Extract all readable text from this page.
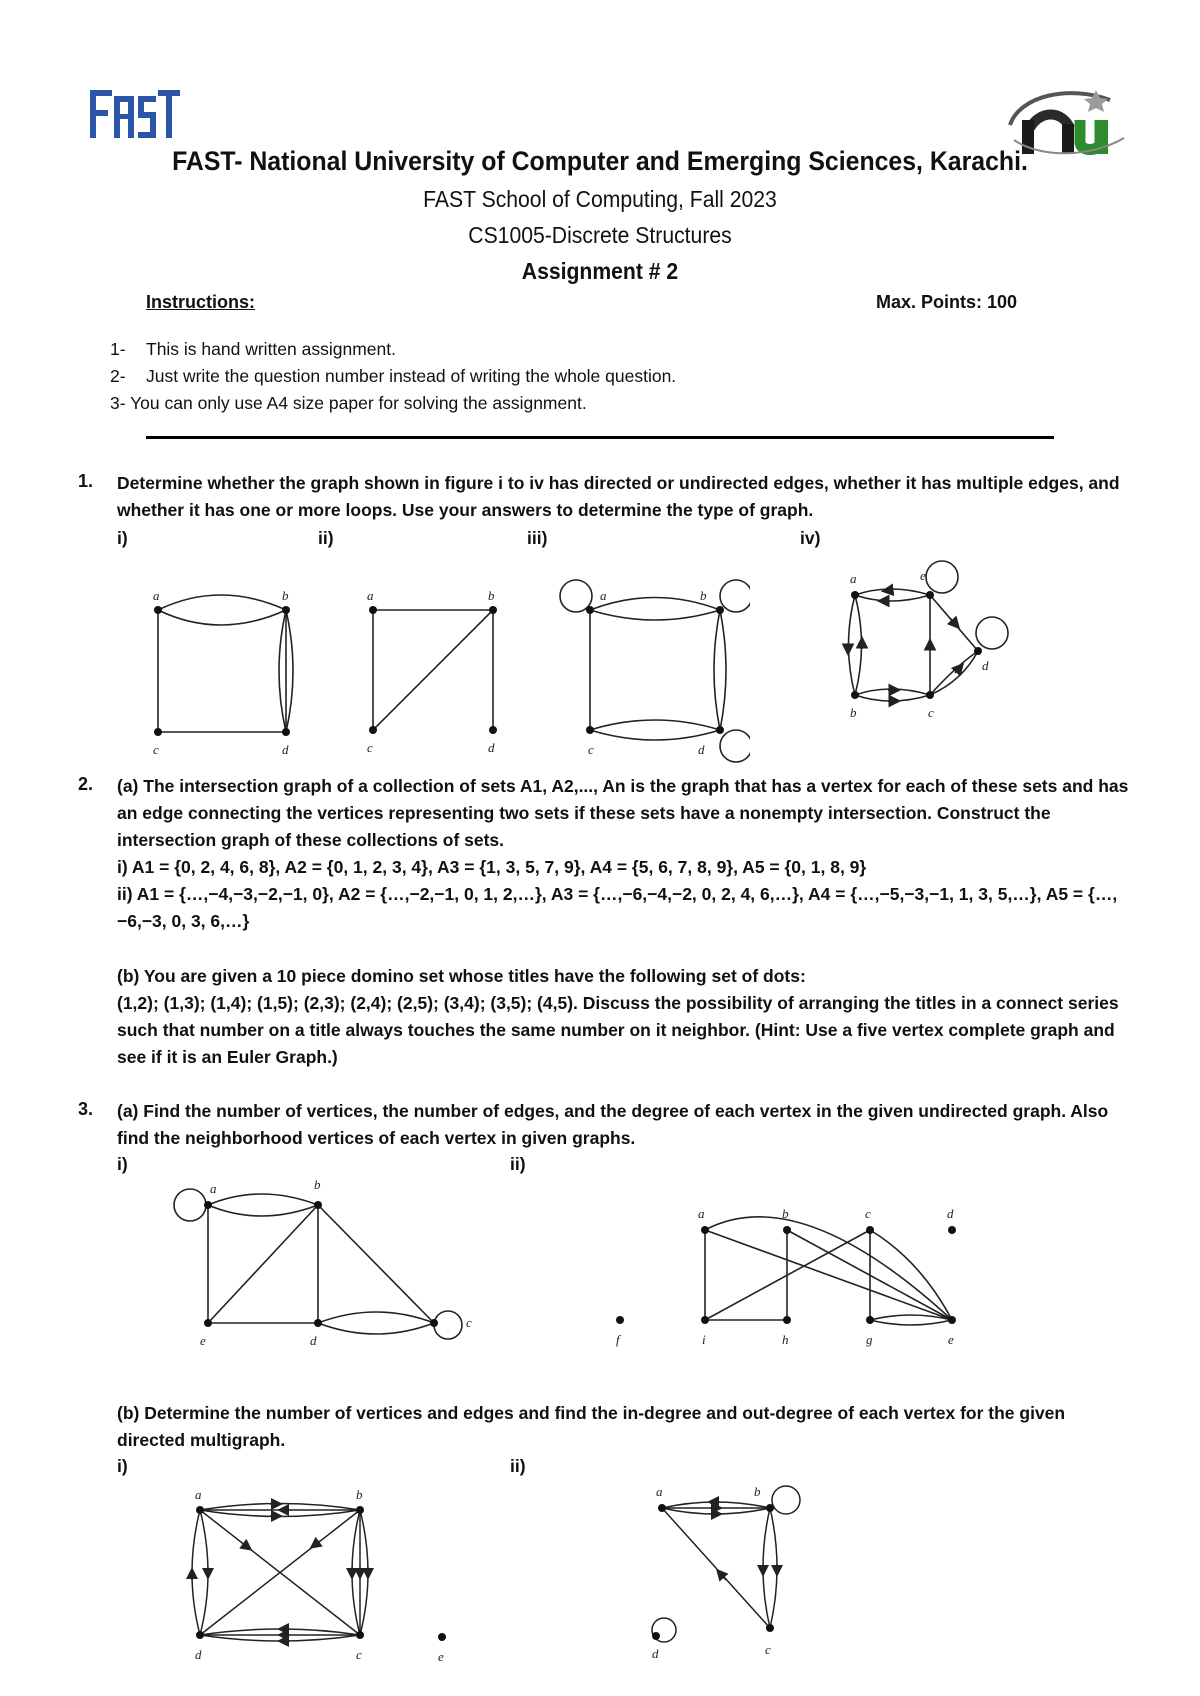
FAST- National University of Computer and Emerging Sciences, Karachi.
FAST School of Computing, Fall 2023
CS1005-Discrete Structures
Assignment # 2
Instructions:	Max. Points: 100
1- This is hand written assignment.
2- Just write the question number instead of writing the whole question.
3- You can only use A4 size paper for solving the assignment.
1. Determine whether the graph shown in figure i to iv has directed or undirected edges, whether it has multiple edges, and whether it has one or more loops. Use your answers to determine the type of graph.
i)	ii)	iii)	iv)
a	b
c	d
a	b
c	d
a	b
c	d
a	e
b	c
d
2. (a) The intersection graph of a collection of sets A1, A2,..., An is the graph that has a vertex for each of these sets and has an edge connecting the vertices representing two sets if these sets have a nonempty intersection. Construct the intersection graph of these collections of sets.
i) A1 = {0, 2, 4, 6, 8}, A2 = {0, 1, 2, 3, 4}, A3 = {1, 3, 5, 7, 9}, A4 = {5, 6, 7, 8, 9}, A5 = {0, 1, 8, 9}
ii) A1 = {…,−4,−3,−2,−1, 0}, A2 = {…,−2,−1, 0, 1, 2,…}, A3 = {…,−6,−4,−2, 0, 2, 4, 6,…}, A4 = {…,−5,−3,−1, 1, 3, 5,…}, A5 = {…,−6,−3, 0, 3, 6,…}
(b) You are given a 10 piece domino set whose titles have the following set of dots:
(1,2); (1,3); (1,4); (1,5); (2,3); (2,4); (2,5); (3,4); (3,5); (4,5). Discuss the possibility of arranging the titles in a connect series such that number on a title always touches the same number on it neighbor. (Hint: Use a five vertex complete graph and see if it is an Euler Graph.)
3. (a) Find the number of vertices, the number of edges, and the degree of each vertex in the given undirected graph. Also find the neighborhood vertices of each vertex in given graphs.
i)	ii)
a	b
c
d
e
a	b	c	d
f	i	h	g	e
(b) Determine the number of vertices and edges and find the in-degree and out-degree of each vertex for the given directed multigraph.
i)	ii)
a	b
d	c	e
a	b
d	c
